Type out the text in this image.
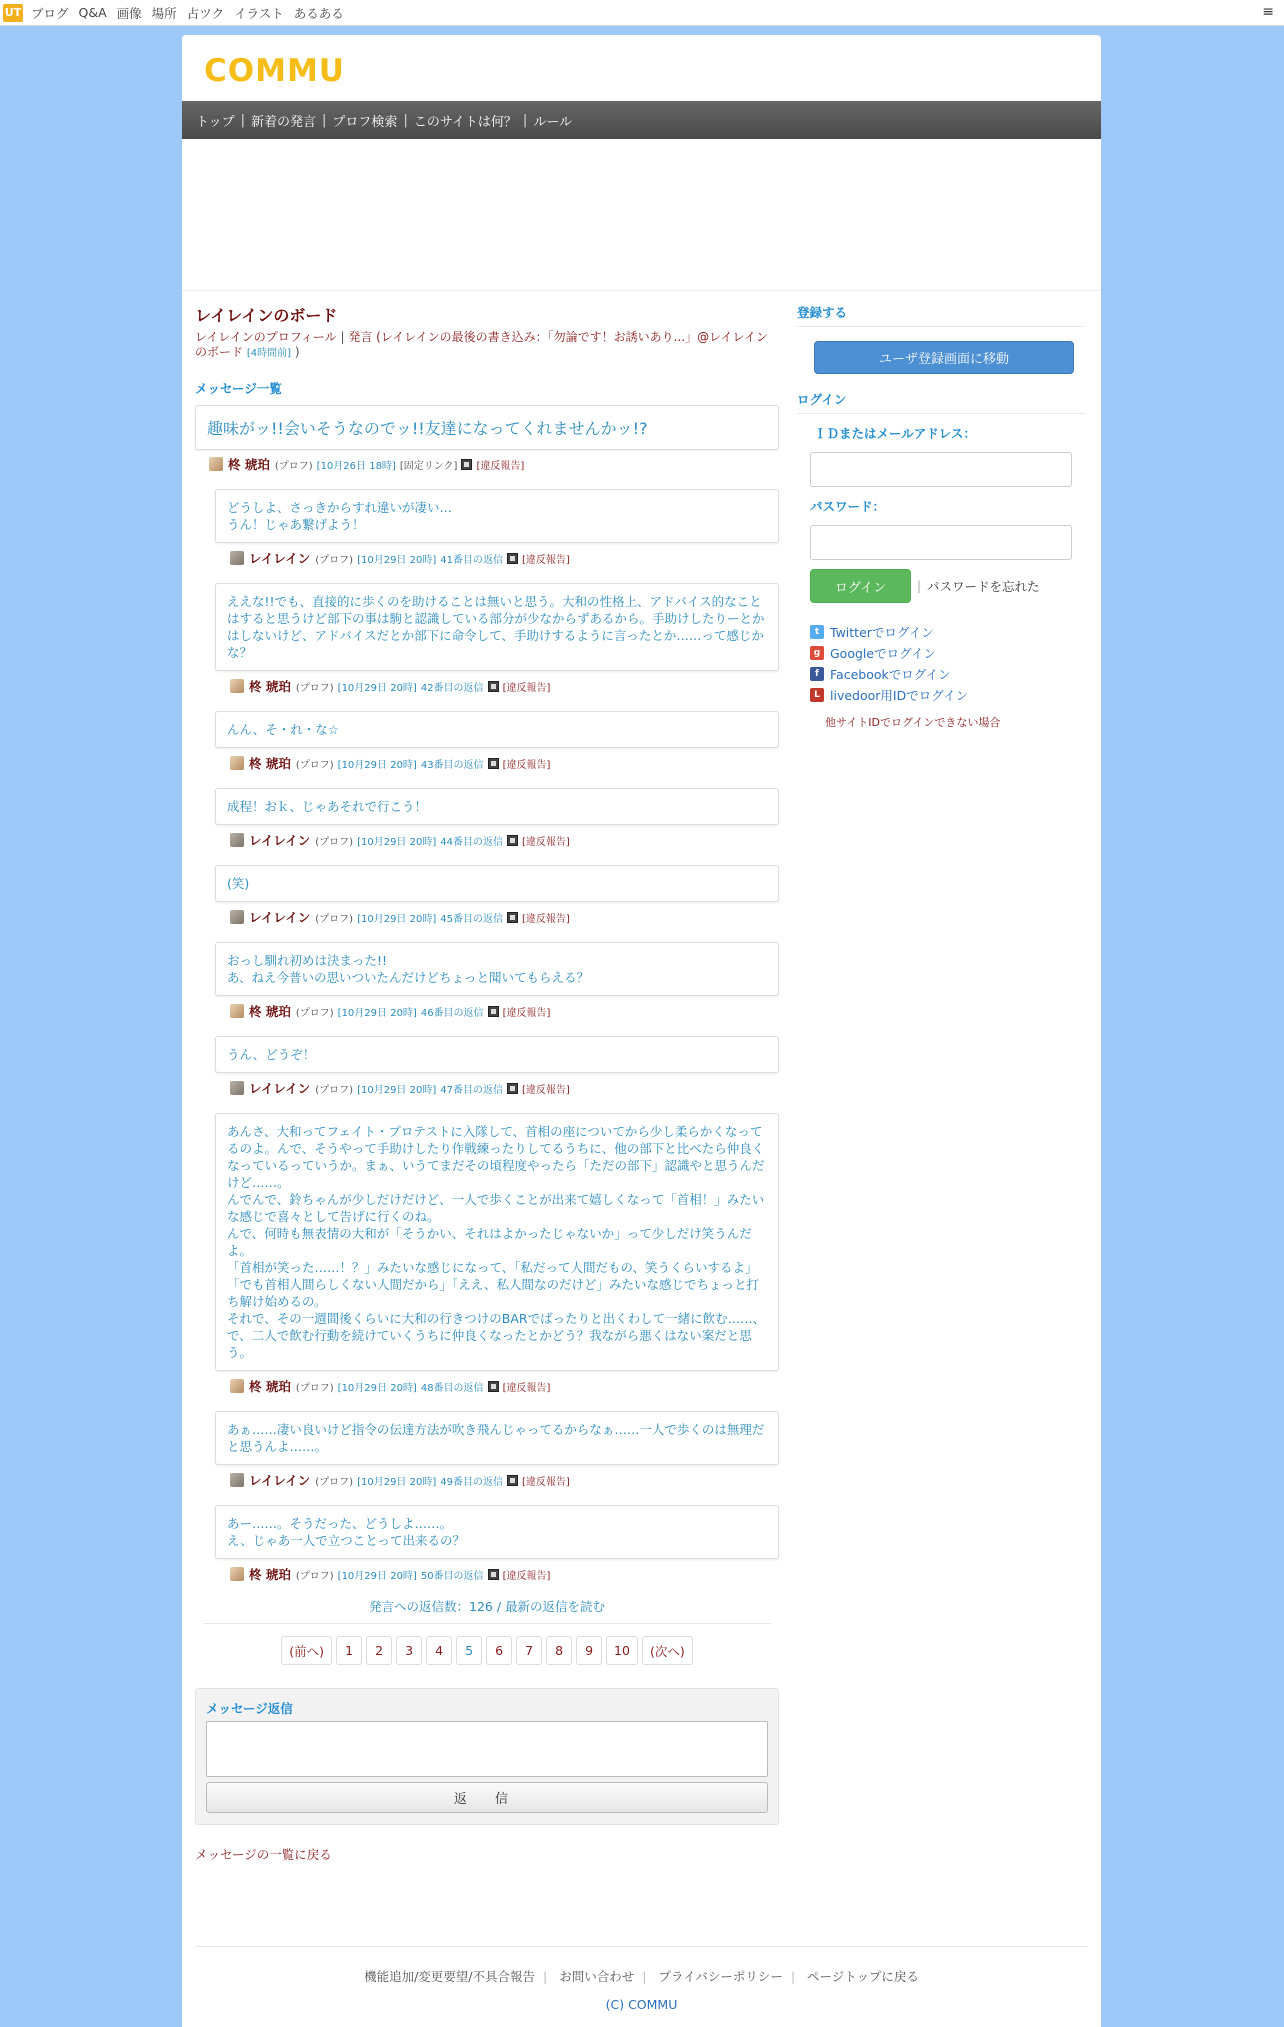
UT ブログ Q&A 画像 場所 占ツク イラスト あるある	≡
COMMU
トップ | 新着の発言 | プロフ検索 | このサイトは何？ | ルール
レイレインのボード
レイレインのプロフィール | 発言 (レイレインの最後の書き込み：「勿論です！お誘いあり...」@レイレインのボード [4時間前] )
メッセージ一覧
趣味がッ!!会いそうなのでッ!!友達になってくれませんかッ!?
柊 琥珀 (プロフ) [10月26日 18時] [固定リンク] [違反報告]
どうしよ、さっきからすれ違いが凄い…
うん！じゃあ繋げよう！
レイレイン (プロフ) [10月29日 20時] 41番目の返信 [違反報告]
ええな!!でも、直接的に歩くのを助けることは無いと思う。大和の性格上、アドバイス的なことはすると思うけど部下の事は駒と認識している部分が少なからずあるから。手助けしたりーとかはしないけど、アドバイスだとか部下に命令して、手助けするように言ったとか……って感じかな？
柊 琥珀 (プロフ) [10月29日 20時] 42番目の返信 [違反報告]
んん、そ・れ・な☆
柊 琥珀 (プロフ) [10月29日 20時] 43番目の返信 [違反報告]
成程！おｋ、じゃあそれで行こう！
レイレイン (プロフ) [10月29日 20時] 44番目の返信 [違反報告]
(笑)
レイレイン (プロフ) [10月29日 20時] 45番目の返信 [違反報告]
おっし馴れ初めは決まった!!
あ、ねえ今普いの思いついたんだけどちょっと聞いてもらえる？
柊 琥珀 (プロフ) [10月29日 20時] 46番目の返信 [違反報告]
うん、どうぞ！
レイレイン (プロフ) [10月29日 20時] 47番目の返信 [違反報告]
あんさ、大和ってフェイト・プロテストに入隊して、首相の座についてから少し柔らかくなってるのよ。んで、そうやって手助けしたり作戦練ったりしてるうちに、他の部下と比べたら仲良くなっているっていうか。まぁ、いうてまだその頃程度やったら「ただの部下」認識やと思うんだけど……。
んでんで、鈴ちゃんが少しだけだけど、一人で歩くことが出来て嬉しくなって「首相！」みたいな感じで喜々として告げに行くのね。
んで、何時も無表情の大和が「そうかい、それはよかったじゃないか」って少しだけ笑うんだよ。
「首相が笑った……！？」みたいな感じになって、「私だって人間だもの、笑うくらいするよ」「でも首相人間らしくない人間だから」「ええ、私人間なのだけど」みたいな感じでちょっと打ち解け始めるの。
それで、その一週間後くらいに大和の行きつけのBARでばったりと出くわして一緒に飲む……、で、二人で飲む行動を続けていくうちに仲良くなったとかどう？我ながら悪くはない案だと思う。
柊 琥珀 (プロフ) [10月29日 20時] 48番目の返信 [違反報告]
あぁ……凄い良いけど指令の伝達方法が吹き飛んじゃってるからなぁ……一人で歩くのは無理だと思うんよ……。
レイレイン (プロフ) [10月29日 20時] 49番目の返信 [違反報告]
あー……。そうだった、どうしよ……。
え、じゃあ一人で立つことって出来るの？
柊 琥珀 (プロフ) [10月29日 20時] 50番目の返信 [違反報告]
発言への返信数：126 / 最新の返信を読む
(前へ)	1	2	3	4	5	6	7	8	9	10	(次へ)
メッセージ返信
返 信
メッセージの一覧に戻る
登録する
ユーザ登録画面に移動
ログイン
ＩＤまたはメールアドレス：
パスワード：
ログイン	| パスワードを忘れた
t Twitterでログイン
g Googleでログイン
f Facebookでログイン
L livedoor用IDでログイン
他サイトIDでログインできない場合
機能追加/変更要望/不具合報告 | お問い合わせ | プライバシーポリシー | ページトップに戻る
(C) COMMU
